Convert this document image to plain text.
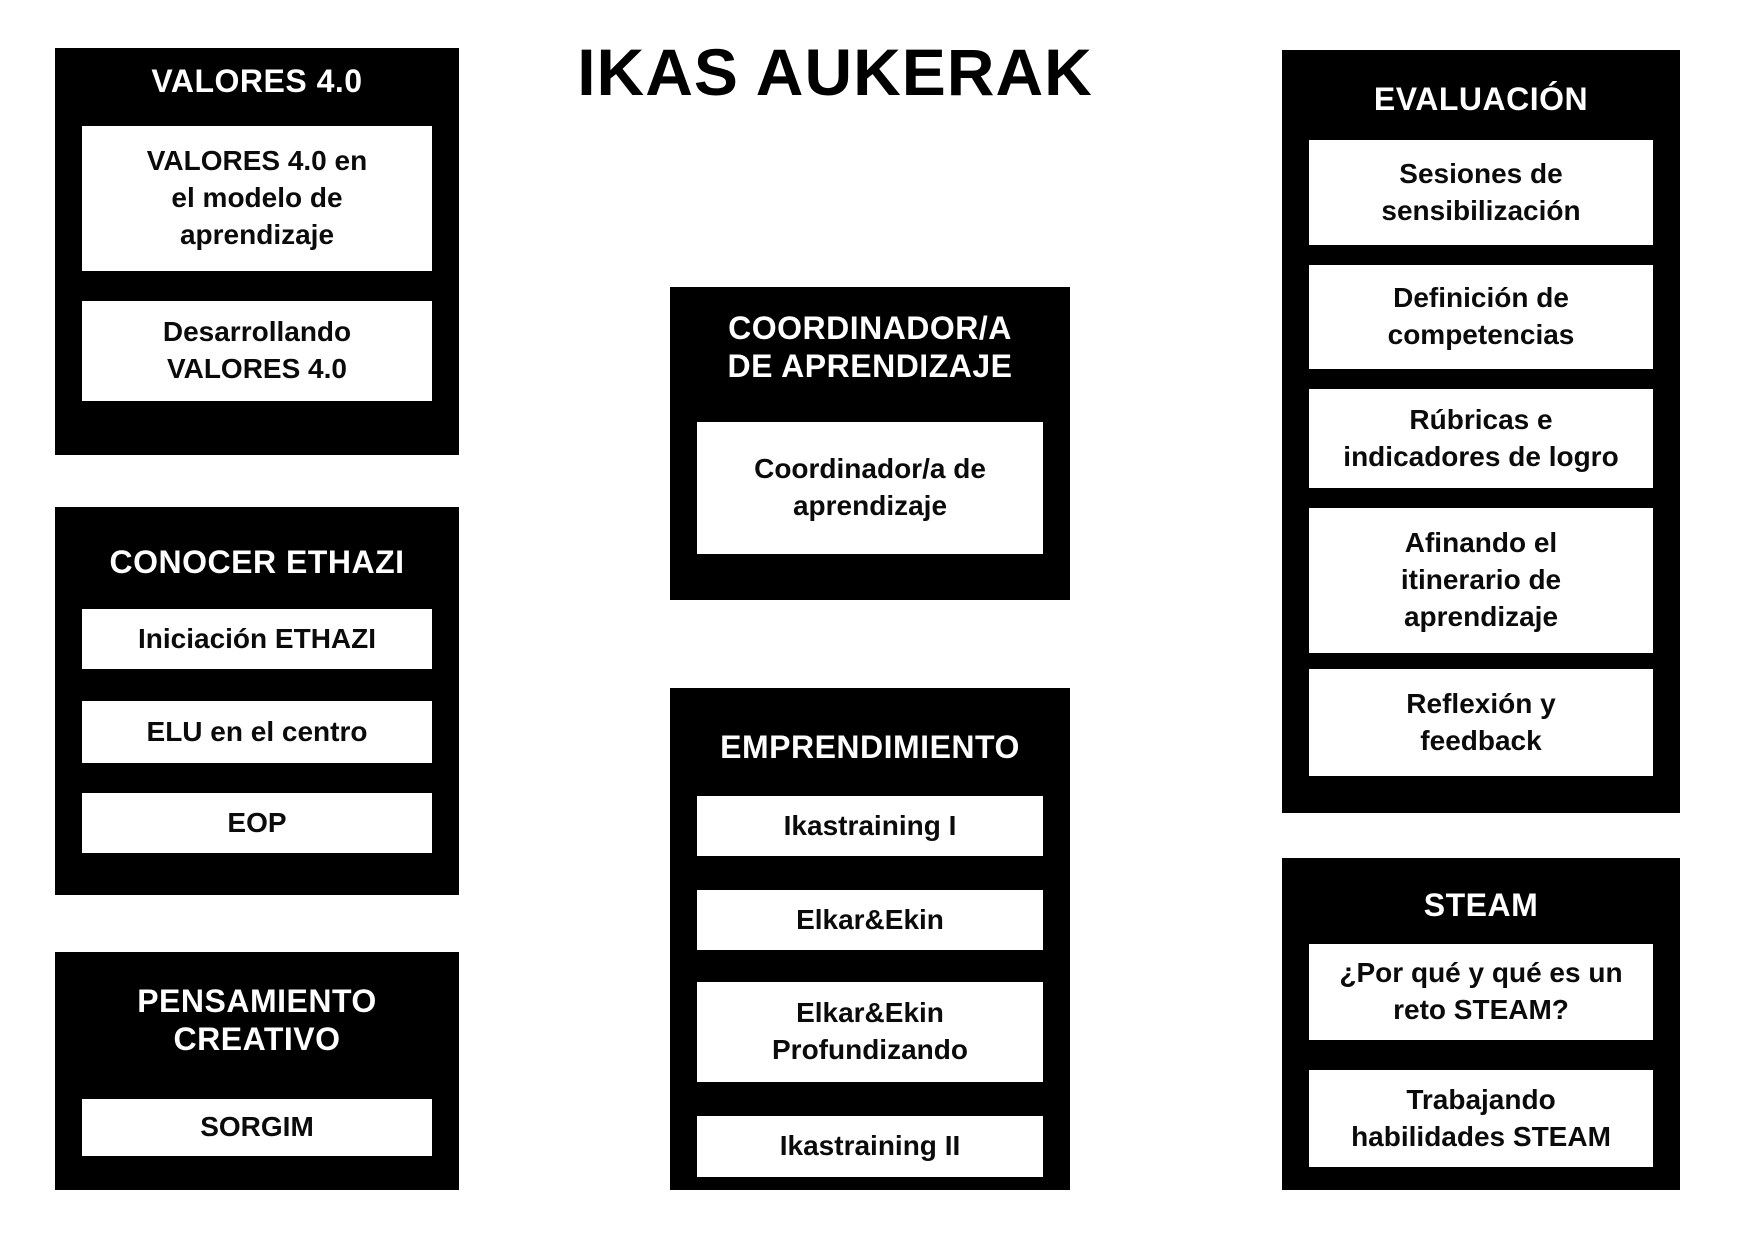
IKAS AUKERAK
VALORES 4.0
VALORES 4.0 en el modelo de aprendizaje
Desarrollando VALORES 4.0
CONOCER ETHAZI
Iniciación ETHAZI
ELU en el centro
EOP
PENSAMIENTO CREATIVO
SORGIM
COORDINADOR/A DE APRENDIZAJE
Coordinador/a de aprendizaje
EMPRENDIMIENTO
Ikastraining I
Elkar&Ekin
Elkar&Ekin Profundizando
Ikastraining II
EVALUACIÓN
Sesiones de sensibilización
Definición de competencias
Rúbricas e indicadores de logro
Afinando el itinerario de aprendizaje
Reflexión y feedback
STEAM
¿Por qué y qué es un reto STEAM?
Trabajando habilidades STEAM
